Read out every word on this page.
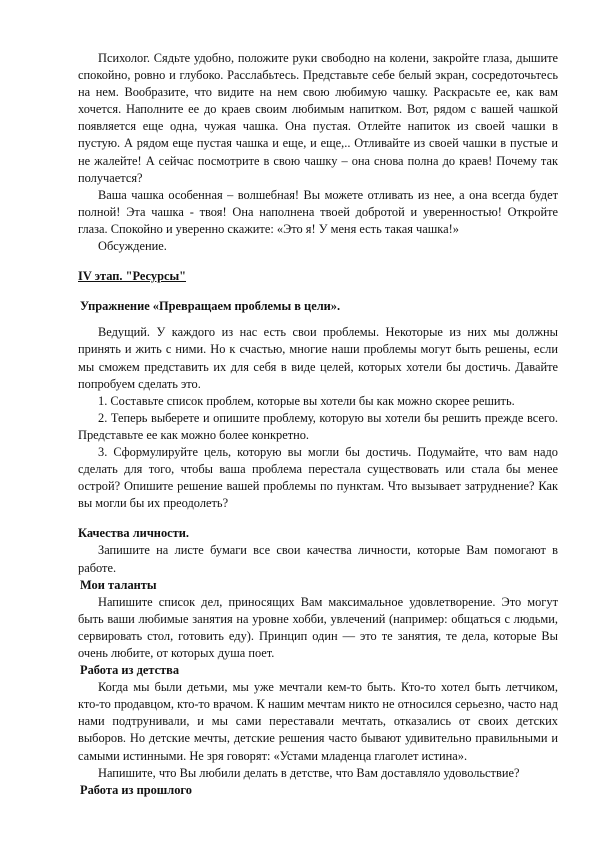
Психолог. Сядьте удобно, положите руки свободно на колени, закройте глаза, дышите спокойно, ровно и глубоко. Расслабьтесь. Представьте себе белый экран, сосредоточьтесь на нем. Вообразите, что видите на нем свою любимую чашку. Раскрасьте ее, как вам хочется. Наполните ее до краев своим любимым напитком. Вот, рядом с вашей чашкой появляется еще одна, чужая чашка. Она пустая. Отлейте напиток из своей чашки в пустую. А рядом еще пустая чашка и еще, и еще,.. Отливайте из своей чашки в пустые и не жалейте! А сейчас посмотрите в свою чашку – она снова полна до краев! Почему так получается?

Ваша чашка особенная – волшебная! Вы можете отливать из нее, а она всегда будет полной! Эта чашка - твоя! Она наполнена твоей добротой и уверенностью! Откройте глаза. Спокойно и уверенно скажите: «Это я! У меня есть такая чашка!»

Обсуждение.

IV этап. "Ресурсы"

Упражнение «Превращаем проблемы в цели».

Ведущий. У каждого из нас есть свои проблемы. Некоторые из них мы должны принять и жить с ними. Но к счастью, многие наши проблемы могут быть решены, если мы сможем представить их для себя в виде целей, которых хотели бы достичь. Давайте попробуем сделать это.

1. Составьте список проблем, которые вы хотели бы как можно скорее решить.

2. Теперь выберете и опишите проблему, которую вы хотели бы решить прежде всего. Представьте ее как можно более конкретно.

3. Сформулируйте цель, которую вы могли бы достичь. Подумайте, что вам надо сделать для того, чтобы ваша проблема перестала существовать или стала бы менее острой? Опишите решение вашей проблемы по пунктам. Что вызывает затруднение? Как вы могли бы их преодолеть?

Качества личности.

Запишите на листе бумаги все свои качества личности, которые Вам помогают в работе.

Мои таланты

Напишите список дел, приносящих Вам максимальное удовлетворение. Это могут быть ваши любимые занятия на уровне хобби, увлечений (например: общаться с людьми, сервировать стол, готовить еду). Принцип один — это те занятия, те дела, которые Вы очень любите, от которых душа поет.

Работа из детства

Когда мы были детьми, мы уже мечтали кем-то быть. Кто-то хотел быть летчиком, кто-то продавцом, кто-то врачом. К нашим мечтам никто не относился серьезно, часто над нами подтрунивали, и мы сами переставали мечтать, отказались от своих детских выборов. Но детские мечты, детские решения часто бывают удивительно правильными и самыми истинными. Не зря говорят: «Устами младенца глаголет истина».

Напишите, что Вы любили делать в детстве, что Вам доставляло удовольствие?

Работа из прошлого
